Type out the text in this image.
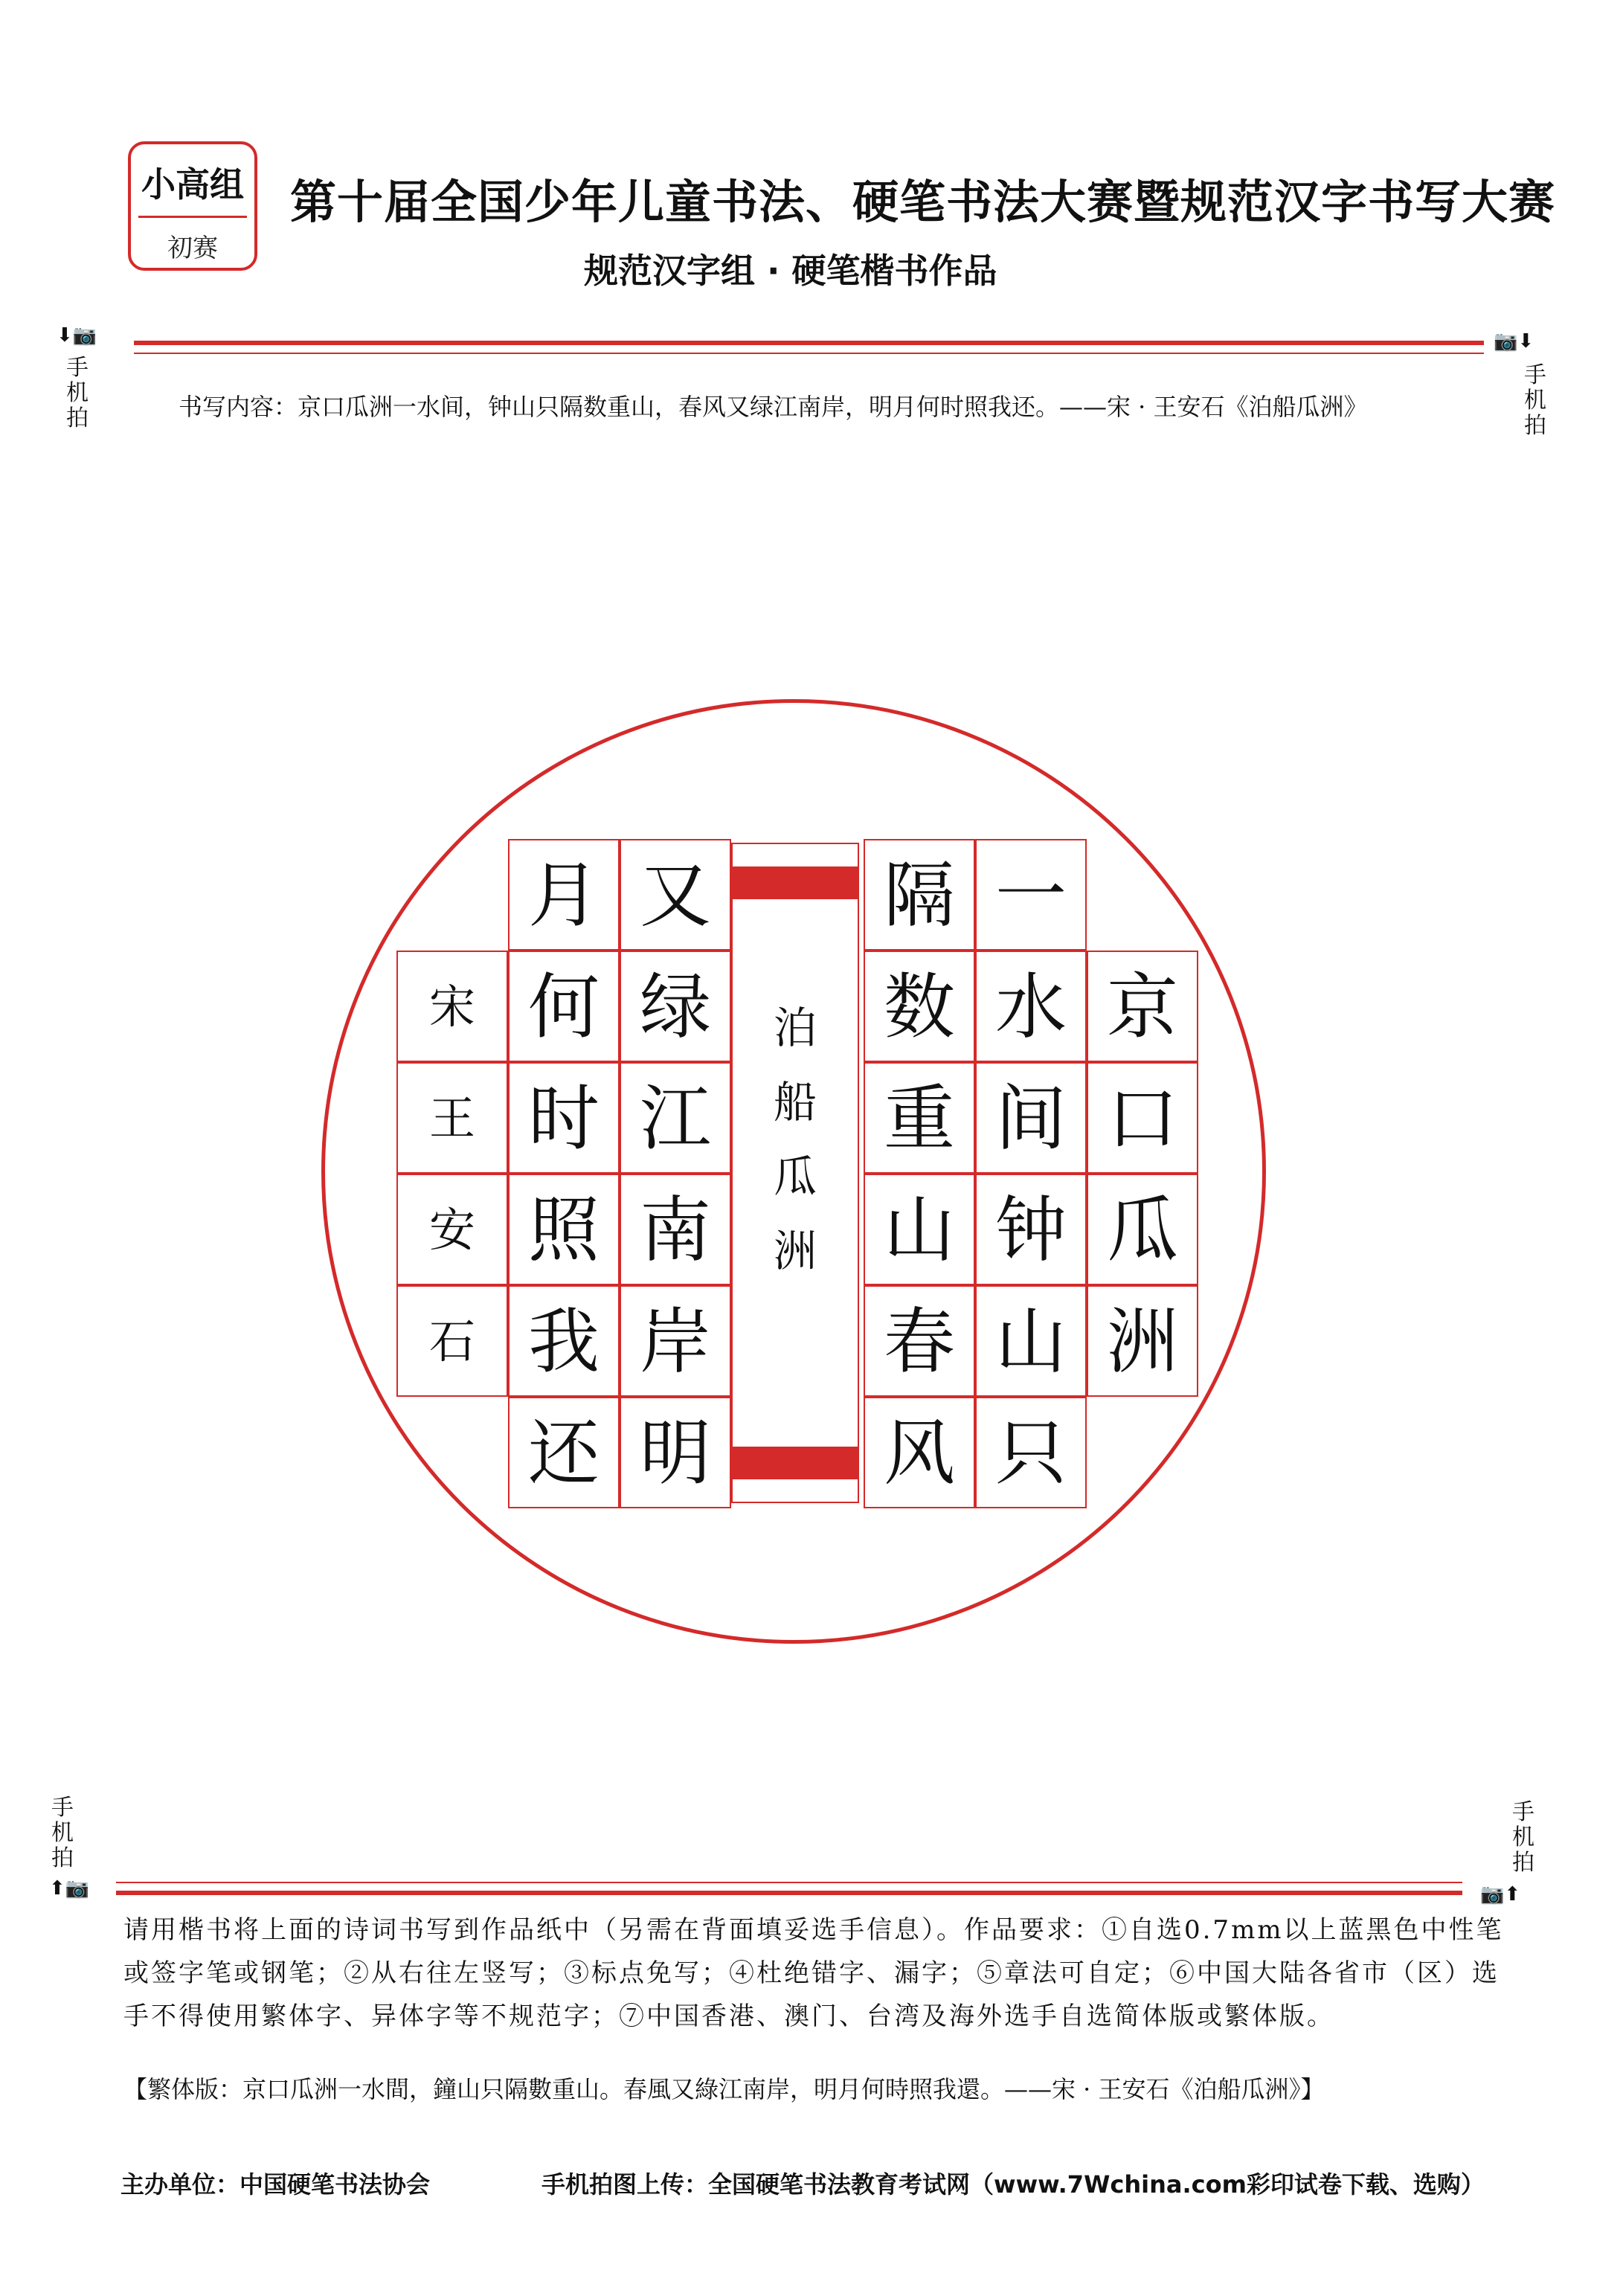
小高组
初赛
第十届全国少年儿童书法、硬笔书法大赛暨规范汉字书写大赛
规范汉字组 · 硬笔楷书作品
⬇📷
手
机
拍
📷⬇
手
机
拍
书写内容：京口瓜洲一水间，钟山只隔数重山，春风又绿江南岸，明月何时照我还。——宋 · 王安石《泊船瓜洲》
京
口
瓜
洲
一
水
间
钟
山
只
隔
数
重
山
春
风
泊
船
瓜
洲
又
绿
江
南
岸
明
月
何
时
照
我
还
宋
王
安
石
手
机
拍
⬆📷
手
机
拍
📷⬆
请用楷书将上面的诗词书写到作品纸中（另需在背面填妥选手信息）。作品要求：①自选0.7mm以上蓝黑色中性笔或签字笔或钢笔；②从右往左竖写；③标点免写；④杜绝错字、漏字；⑤章法可自定；⑥中国大陆各省市（区）选手不得使用繁体字、异体字等不规范字；⑦中国香港、澳门、台湾及海外选手自选简体版或繁体版。
【繁体版：京口瓜洲一水間，鐘山只隔數重山。春風又綠江南岸，明月何時照我還。——宋 · 王安石《泊船瓜洲》】
主办单位：中国硬笔书法协会	手机拍图上传：全国硬笔书法教育考试网（www.7Wchina.com彩印试卷下载、选购）
